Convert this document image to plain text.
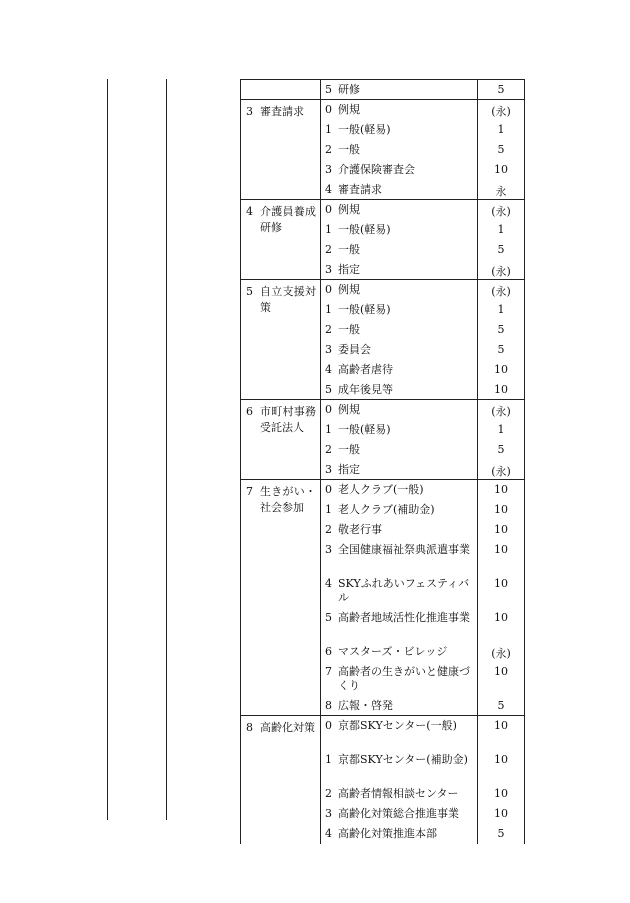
	5 研修	5

3 審査請求	0 例規	(永)

	1 一般(軽易)	1

	2 一般	5

	3 介護保険審査会	10

	4 審査請求	永

4 介護員養成研修	0 例規	(永)

	1 一般(軽易)	1

	2 一般	5

	3 指定	(永)

5 自立支援対策	0 例規	(永)

	1 一般(軽易)	1

	2 一般	5

	3 委員会	5

	4 高齢者虐待	10

	5 成年後見等	10

6 市町村事務受託法人	0 例規	(永)

	1 一般(軽易)	1

	2 一般	5

	3 指定	(永)

7 生きがい・社会参加	0 老人クラブ(一般)	10

	1 老人クラブ(補助金)	10

	2 敬老行事	10

	3 全国健康福祉祭典派遣事業	10

	4 SKYふれあいフェスティバル	10

	5 高齢者地域活性化推進事業	10

	6 マスターズ・ビレッジ	(永)

	7 高齢者の生きがいと健康づくり	10

	8 広報・啓発	5

8 高齢化対策	0 京都SKYセンター(一般)	10

	1 京都SKYセンター(補助金)	10

	2 高齢者情報相談センター	10

	3 高齢化対策総合推進事業	10

	4 高齢化対策推進本部	5
